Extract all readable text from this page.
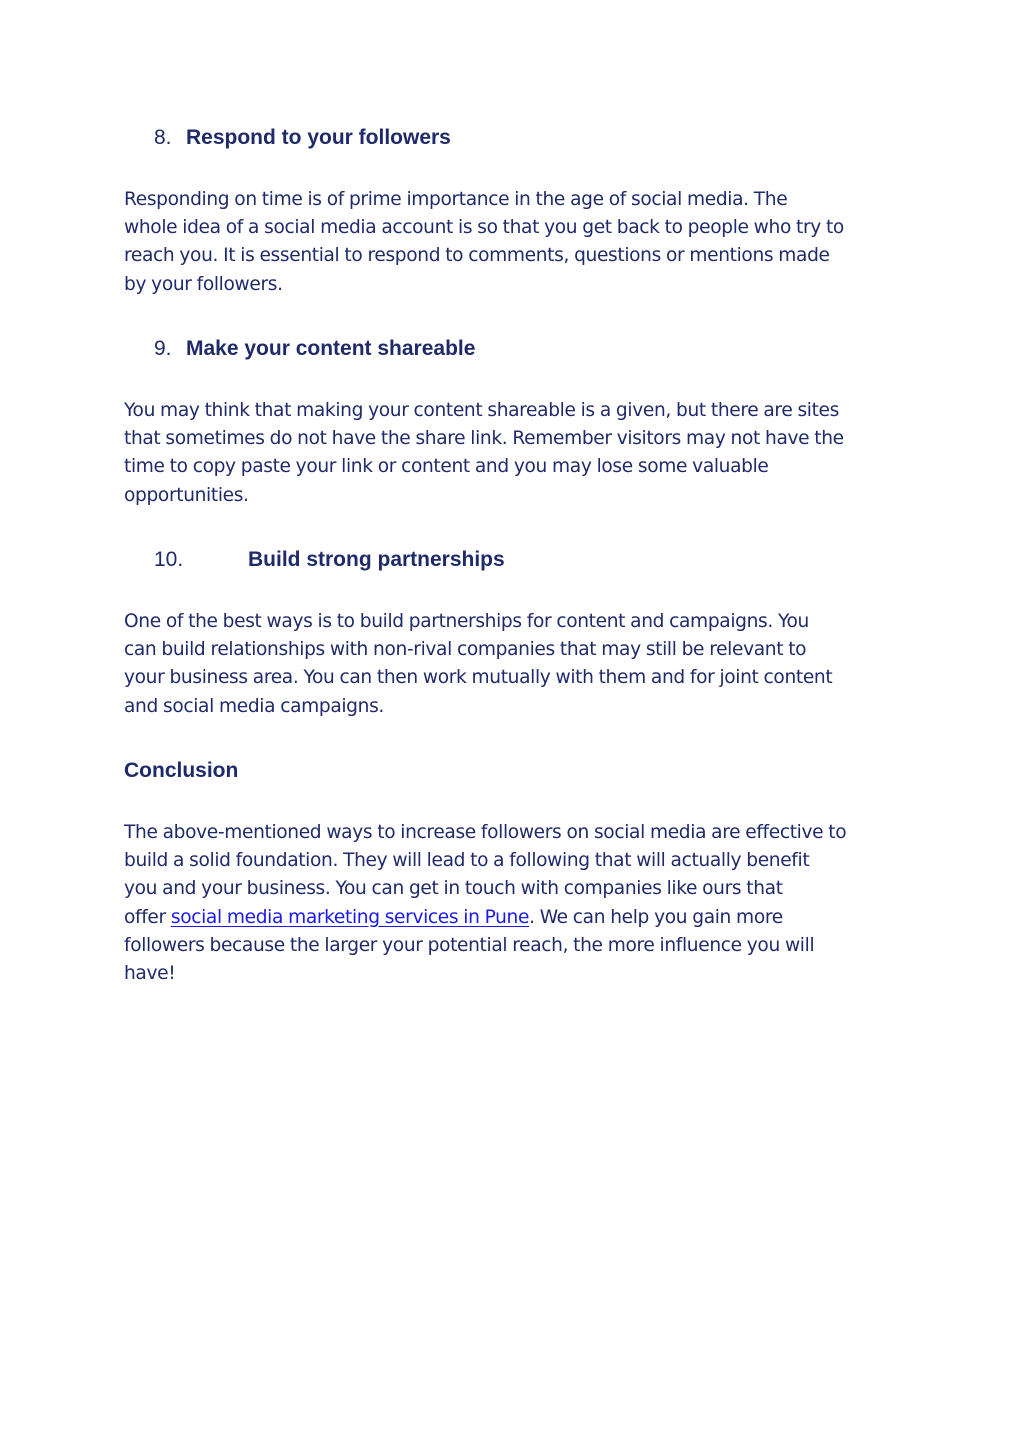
8. Respond to your followers
Responding on time is of prime importance in the age of social media. The
whole idea of a social media account is so that you get back to people who try to
reach you. It is essential to respond to comments, questions or mentions made
by your followers.
9. Make your content shareable
You may think that making your content shareable is a given, but there are sites
that sometimes do not have the share link. Remember visitors may not have the
time to copy paste your link or content and you may lose some valuable
opportunities.
10.	Build strong partnerships
One of the best ways is to build partnerships for content and campaigns. You
can build relationships with non-rival companies that may still be relevant to
your business area. You can then work mutually with them and for joint content
and social media campaigns.
Conclusion
The above-mentioned ways to increase followers on social media are effective to
build a solid foundation. They will lead to a following that will actually benefit
you and your business. You can get in touch with companies like ours that
offer social media marketing services in Pune. We can help you gain more
followers because the larger your potential reach, the more influence you will
have!
